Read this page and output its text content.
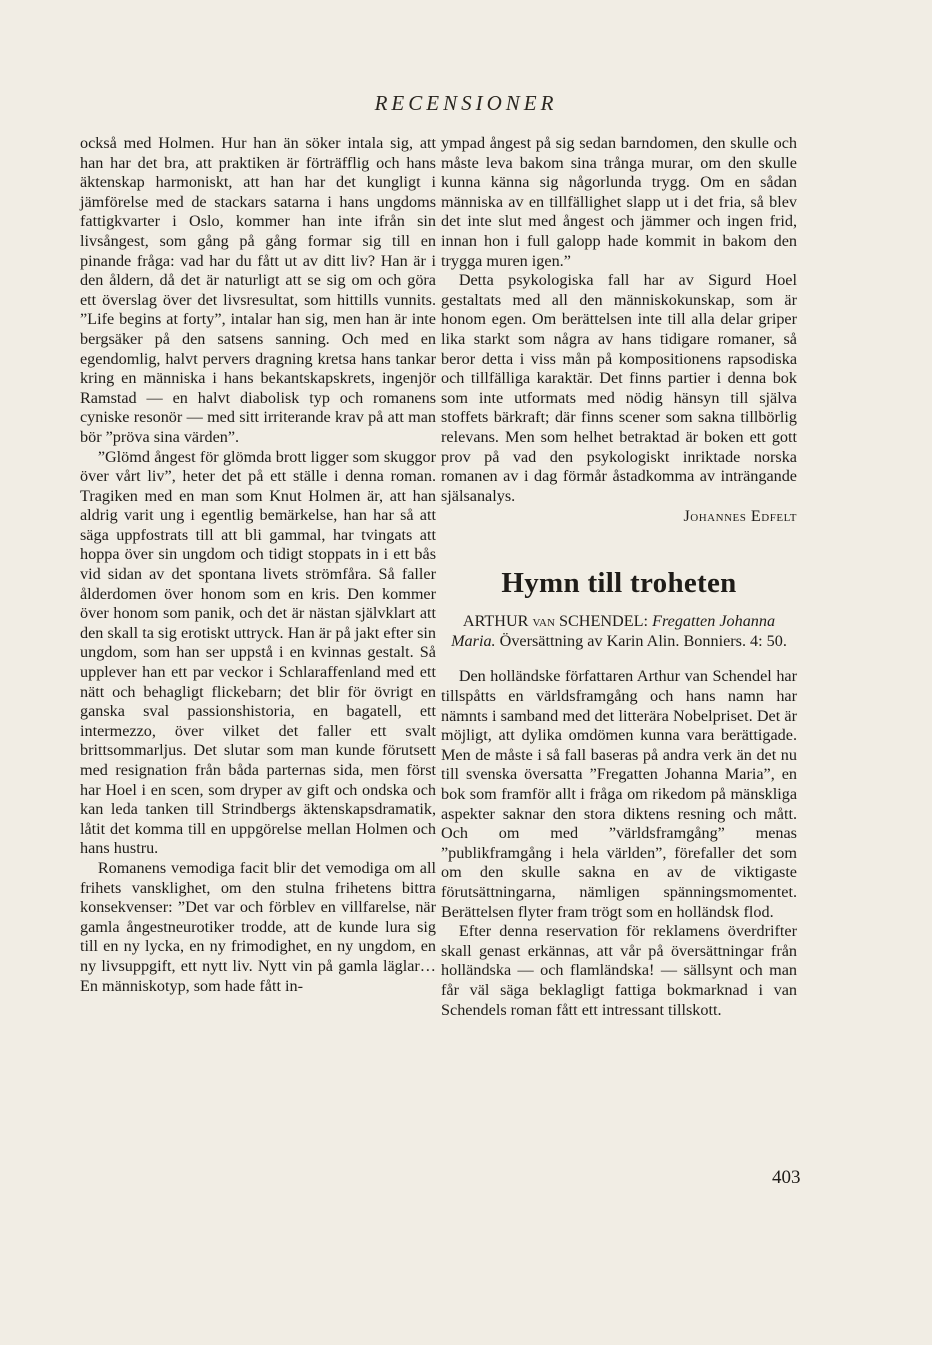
RECENSIONER

också med Holmen. Hur han än söker intala sig, att han har det bra, att praktiken är förträfflig och hans äktenskap harmoniskt, att han har det kungligt i jämförelse med de stackars satarna i hans ungdoms fattigkvarter i Oslo, kommer han inte ifrån sin livsångest, som gång på gång formar sig till en pinande fråga: vad har du fått ut av ditt liv? Han är i den åldern, då det är naturligt att se sig om och göra ett överslag över det livsresultat, som hittills vunnits. ”Life begins at forty”, intalar han sig, men han är inte bergsäker på den satsens sanning. Och med en egendomlig, halvt pervers dragning kretsa hans tankar kring en människa i hans bekantskapskrets, ingenjör Ramstad — en halvt diabolisk typ och romanens cyniske resonör — med sitt irriterande krav på att man bör ”pröva sina värden”.

”Glömd ångest för glömda brott ligger som skuggor över vårt liv”, heter det på ett ställe i denna roman. Tragiken med en man som Knut Holmen är, att han aldrig varit ung i egentlig bemärkelse, han har så att säga uppfostrats till att bli gammal, har tvingats att hoppa över sin ungdom och tidigt stoppats in i ett bås vid sidan av det spontana livets strömfåra. Så faller ålderdomen över honom som en kris. Den kommer över honom som panik, och det är nästan självklart att den skall ta sig erotiskt uttryck. Han är på jakt efter sin ungdom, som han ser uppstå i en kvinnas gestalt. Så upplever han ett par veckor i Schlaraffenland med ett nätt och behagligt flickebarn; det blir för övrigt en ganska sval passionshistoria, en bagatell, ett intermezzo, över vilket det faller ett svalt brittsommarljus. Det slutar som man kunde förutsett med resignation från båda parternas sida, men först har Hoel i en scen, som dryper av gift och ondska och kan leda tanken till Strindbergs äktenskapsdramatik, låtit det komma till en uppgörelse mellan Holmen och hans hustru.

Romanens vemodiga facit blir det vemodiga om all frihets vansklighet, om den stulna frihetens bittra konsekvenser: ”Det var och förblev en villfarelse, när gamla ångestneurotiker trodde, att de kunde lura sig till en ny lycka, en ny frimodighet, en ny ungdom, en ny livsuppgift, ett nytt liv. Nytt vin på gamla läglar… En människotyp, som hade fått in-

ympad ångest på sig sedan barndomen, den skulle och måste leva bakom sina trånga murar, om den skulle kunna känna sig någorlunda trygg. Om en sådan människa av en tillfällighet slapp ut i det fria, så blev det inte slut med ångest och jämmer och ingen frid, innan hon i full galopp hade kommit in bakom den trygga muren igen.”

Detta psykologiska fall har av Sigurd Hoel gestaltats med all den människokunskap, som är honom egen. Om berättelsen inte till alla delar griper lika starkt som några av hans tidigare romaner, så beror detta i viss mån på kompositionens rapsodiska och tillfälliga karaktär. Det finns partier i denna bok som inte utformats med nödig hänsyn till själva stoffets bärkraft; där finns scener som sakna tillbörlig relevans. Men som helhet betraktad är boken ett gott prov på vad den psykologiskt inriktade norska romanen av i dag förmår åstadkomma av inträngande själsanalys.

Johannes Edfelt
Hymn till troheten
ARTHUR van SCHENDEL: Fregatten Johanna Maria. Översättning av Karin Alin. Bonniers. 4: 50.

Den holländske författaren Arthur van Schendel har tillspåtts en världsframgång och hans namn har nämnts i samband med det litterära Nobelpriset. Det är möjligt, att dylika omdömen kunna vara berättigade. Men de måste i så fall baseras på andra verk än det nu till svenska översatta ”Fregatten Johanna Maria”, en bok som framför allt i fråga om rikedom på mänskliga aspekter saknar den stora diktens resning och mått. Och om med ”världsframgång” menas ”publikframgång i hela världen”, förefaller det som om den skulle sakna en av de viktigaste förutsättningarna, nämligen spänningsmomentet. Berättelsen flyter fram trögt som en holländsk flod.

Efter denna reservation för reklamens överdrifter skall genast erkännas, att vår på översättningar från holländska — och flamländska! — sällsynt och man får väl säga beklagligt fattiga bokmarknad i van Schendels roman fått ett intressant tillskott.

403
